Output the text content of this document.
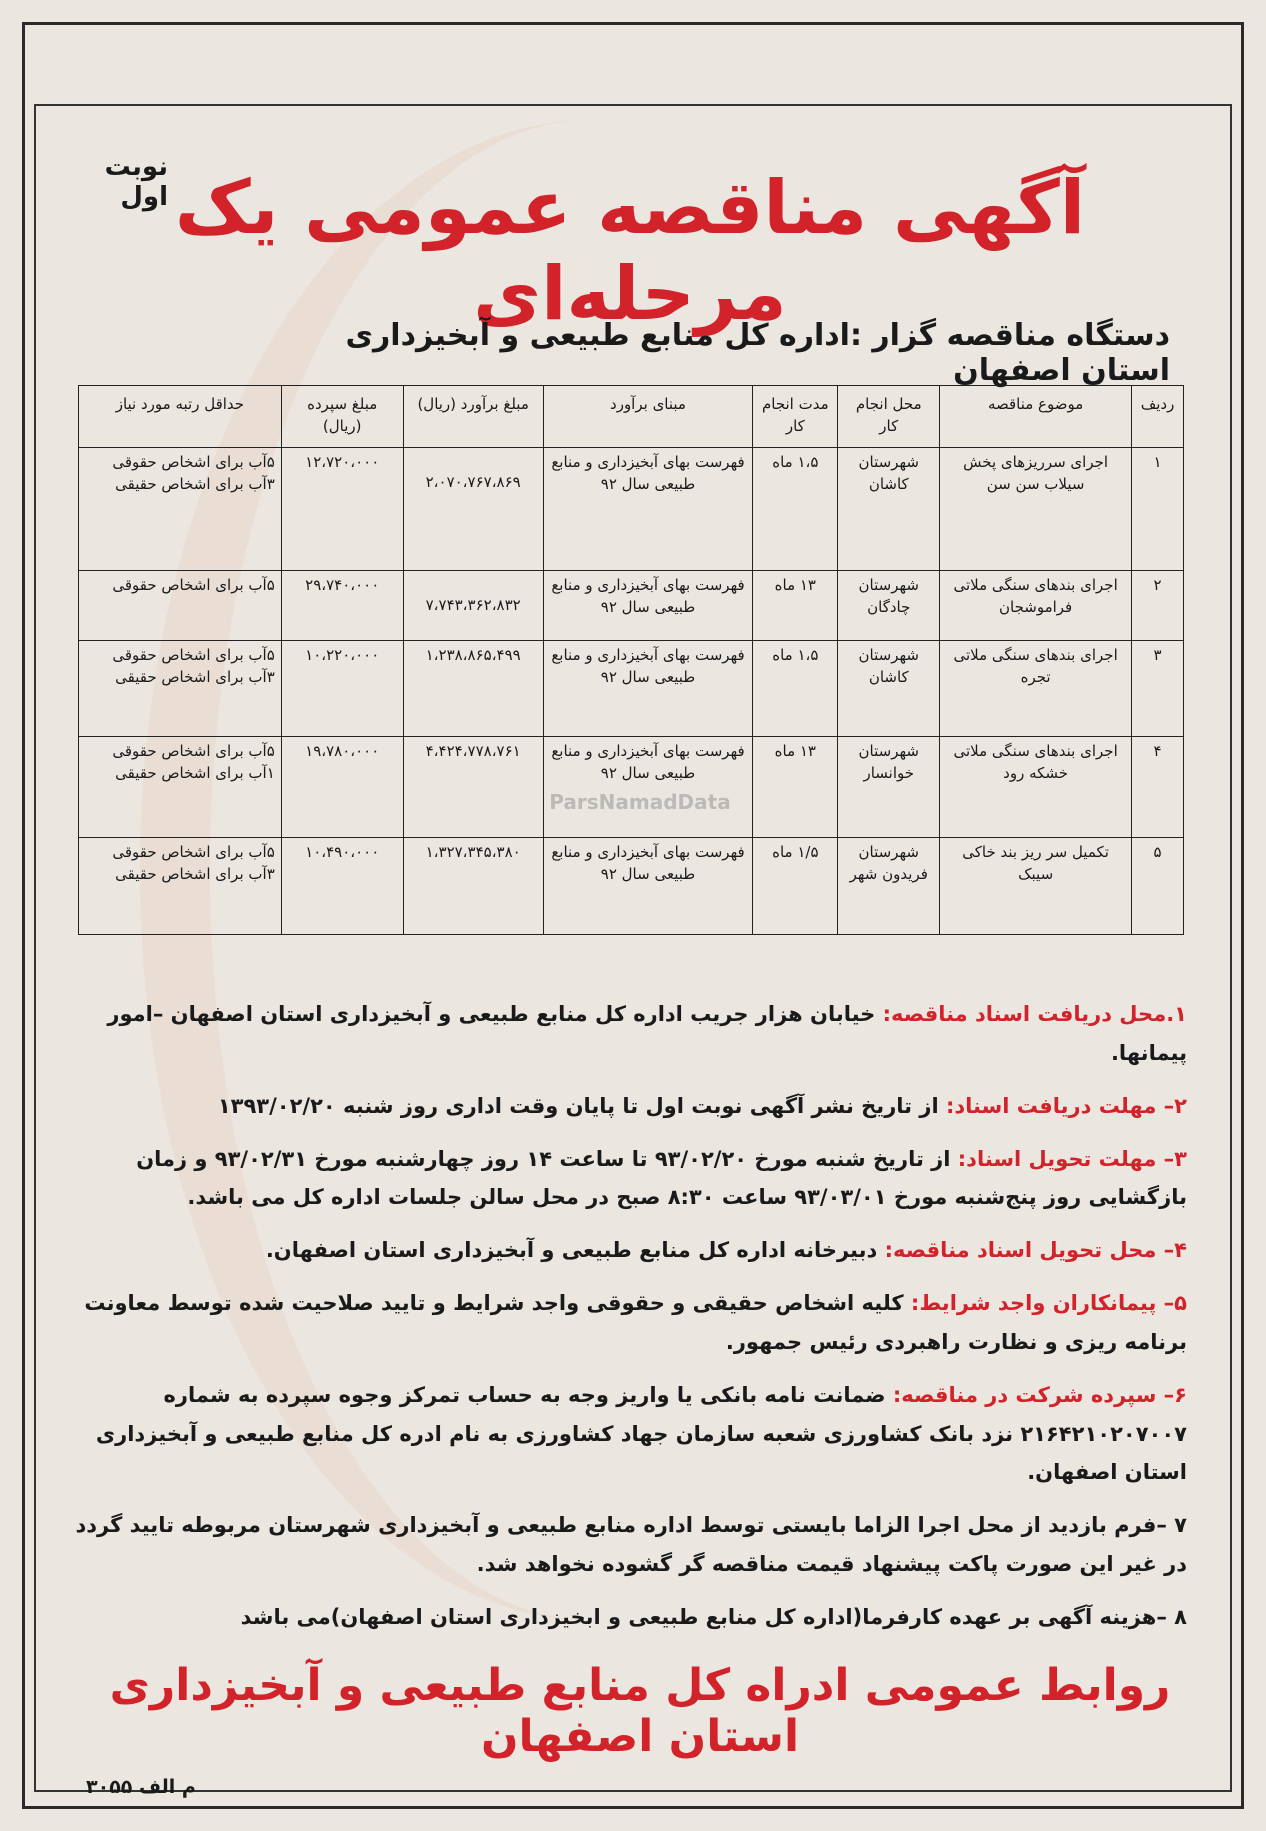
نوبت اول آگهی مناقصه عمومی یک مرحله‌ای
دستگاه مناقصه گزار :اداره کل منابع طبیعی و آبخیزداری استان اصفهان
ردیف	موضوع مناقصه	محل انجام کار	مدت انجام کار	مبنای برآورد	مبلغ برآورد (ریال)	مبلغ سپرده (ریال)	حداقل رتبه مورد نیاز
۱	اجرای سرریزهای پخش سیلاب سن سن	شهرستان کاشان	۱،۵ ماه	فهرست بهای آبخیزداری و منابع طبیعی سال ۹۲	۲،۰۷۰،۷۶۷،۸۶۹	۱۲،۷۲۰،۰۰۰	۵آب برای اشخاص حقوقی ۳آب برای اشخاص حقیقی
۲	اجرای بندهای سنگی ملاتی فراموشجان	شهرستان چادگان	۱۳ ماه	فهرست بهای آبخیزداری و منابع طبیعی سال ۹۲	۷،۷۴۳،۳۶۲،۸۳۲	۲۹،۷۴۰،۰۰۰	۵آب برای اشخاص حقوقی
۳	اجرای بندهای سنگی ملاتی تجره	شهرستان کاشان	۱،۵ ماه	فهرست بهای آبخیزداری و منابع طبیعی سال ۹۲	۱،۲۳۸،۸۶۵،۴۹۹	۱۰،۲۲۰،۰۰۰	۵آب برای اشخاص حقوقی ۳آب برای اشخاص حقیقی
۴	اجرای بندهای سنگی ملاتی خشکه رود	شهرستان خوانسار	۱۳ ماه	فهرست بهای آبخیزداری و منابع طبیعی سال ۹۲	۴،۴۲۴،۷۷۸،۷۶۱	۱۹،۷۸۰،۰۰۰	۵آب برای اشخاص حقوقی ۱آب برای اشخاص حقیقی
۵	تکمیل سر ریز بند خاکی سیبک	شهرستان فریدون شهر	۱/۵ ماه	فهرست بهای آبخیزداری و منابع طبیعی سال ۹۲	۱،۳۲۷،۳۴۵،۳۸۰	۱۰،۴۹۰،۰۰۰	۵آب برای اشخاص حقوقی ۳آب برای اشخاص حقیقی
ParsNamadData
۱.محل دریافت اسناد مناقصه: خیابان هزار جریب اداره کل منابع طبیعی و آبخیزداری استان اصفهان –امور پیمانها.
۲– مهلت دریافت اسناد: از تاریخ نشر آگهی نوبت اول تا پایان وقت اداری روز شنبه ۱۳۹۳/۰۲/۲۰
۳– مهلت تحویل اسناد: از تاریخ شنبه مورخ ۹۳/۰۲/۲۰ تا ساعت ۱۴ روز چهارشنبه مورخ ۹۳/۰۲/۳۱ و زمان بازگشایی روز پنج‌شنبه مورخ ۹۳/۰۳/۰۱ ساعت ۸:۳۰ صبح در محل سالن جلسات اداره کل می باشد.
۴– محل تحویل اسناد مناقصه: دبیرخانه اداره کل منابع طبیعی و آبخیزداری استان اصفهان.
۵– پیمانکاران واجد شرایط: کلیه اشخاص حقیقی و حقوقی واجد شرایط و تایید صلاحیت شده توسط معاونت برنامه ریزی و نظارت راهبردی رئیس جمهور.
۶– سپرده شرکت در مناقصه: ضمانت نامه بانکی یا واریز وجه به حساب تمرکز وجوه سپرده به شماره ۲۱۶۴۲۱۰۲۰۷۰۰۷ نزد بانک کشاورزی شعبه سازمان جهاد کشاورزی به نام ادره کل منابع طبیعی و آبخیزداری استان اصفهان.
۷ –فرم بازدید از محل اجرا الزاما بایستی توسط اداره منابع طبیعی و آبخیزداری شهرستان مربوطه تایید گردد در غیر این صورت پاکت پیشنهاد قیمت مناقصه گر گشوده نخواهد شد.
۸ –هزینه آگهی بر عهده کارفرما(اداره کل منابع طبیعی و ابخیزداری استان اصفهان)می باشد
روابط عمومی ادراه کل منابع طبیعی و آبخیزداری استان اصفهان
م الف ۳۰۵۵
